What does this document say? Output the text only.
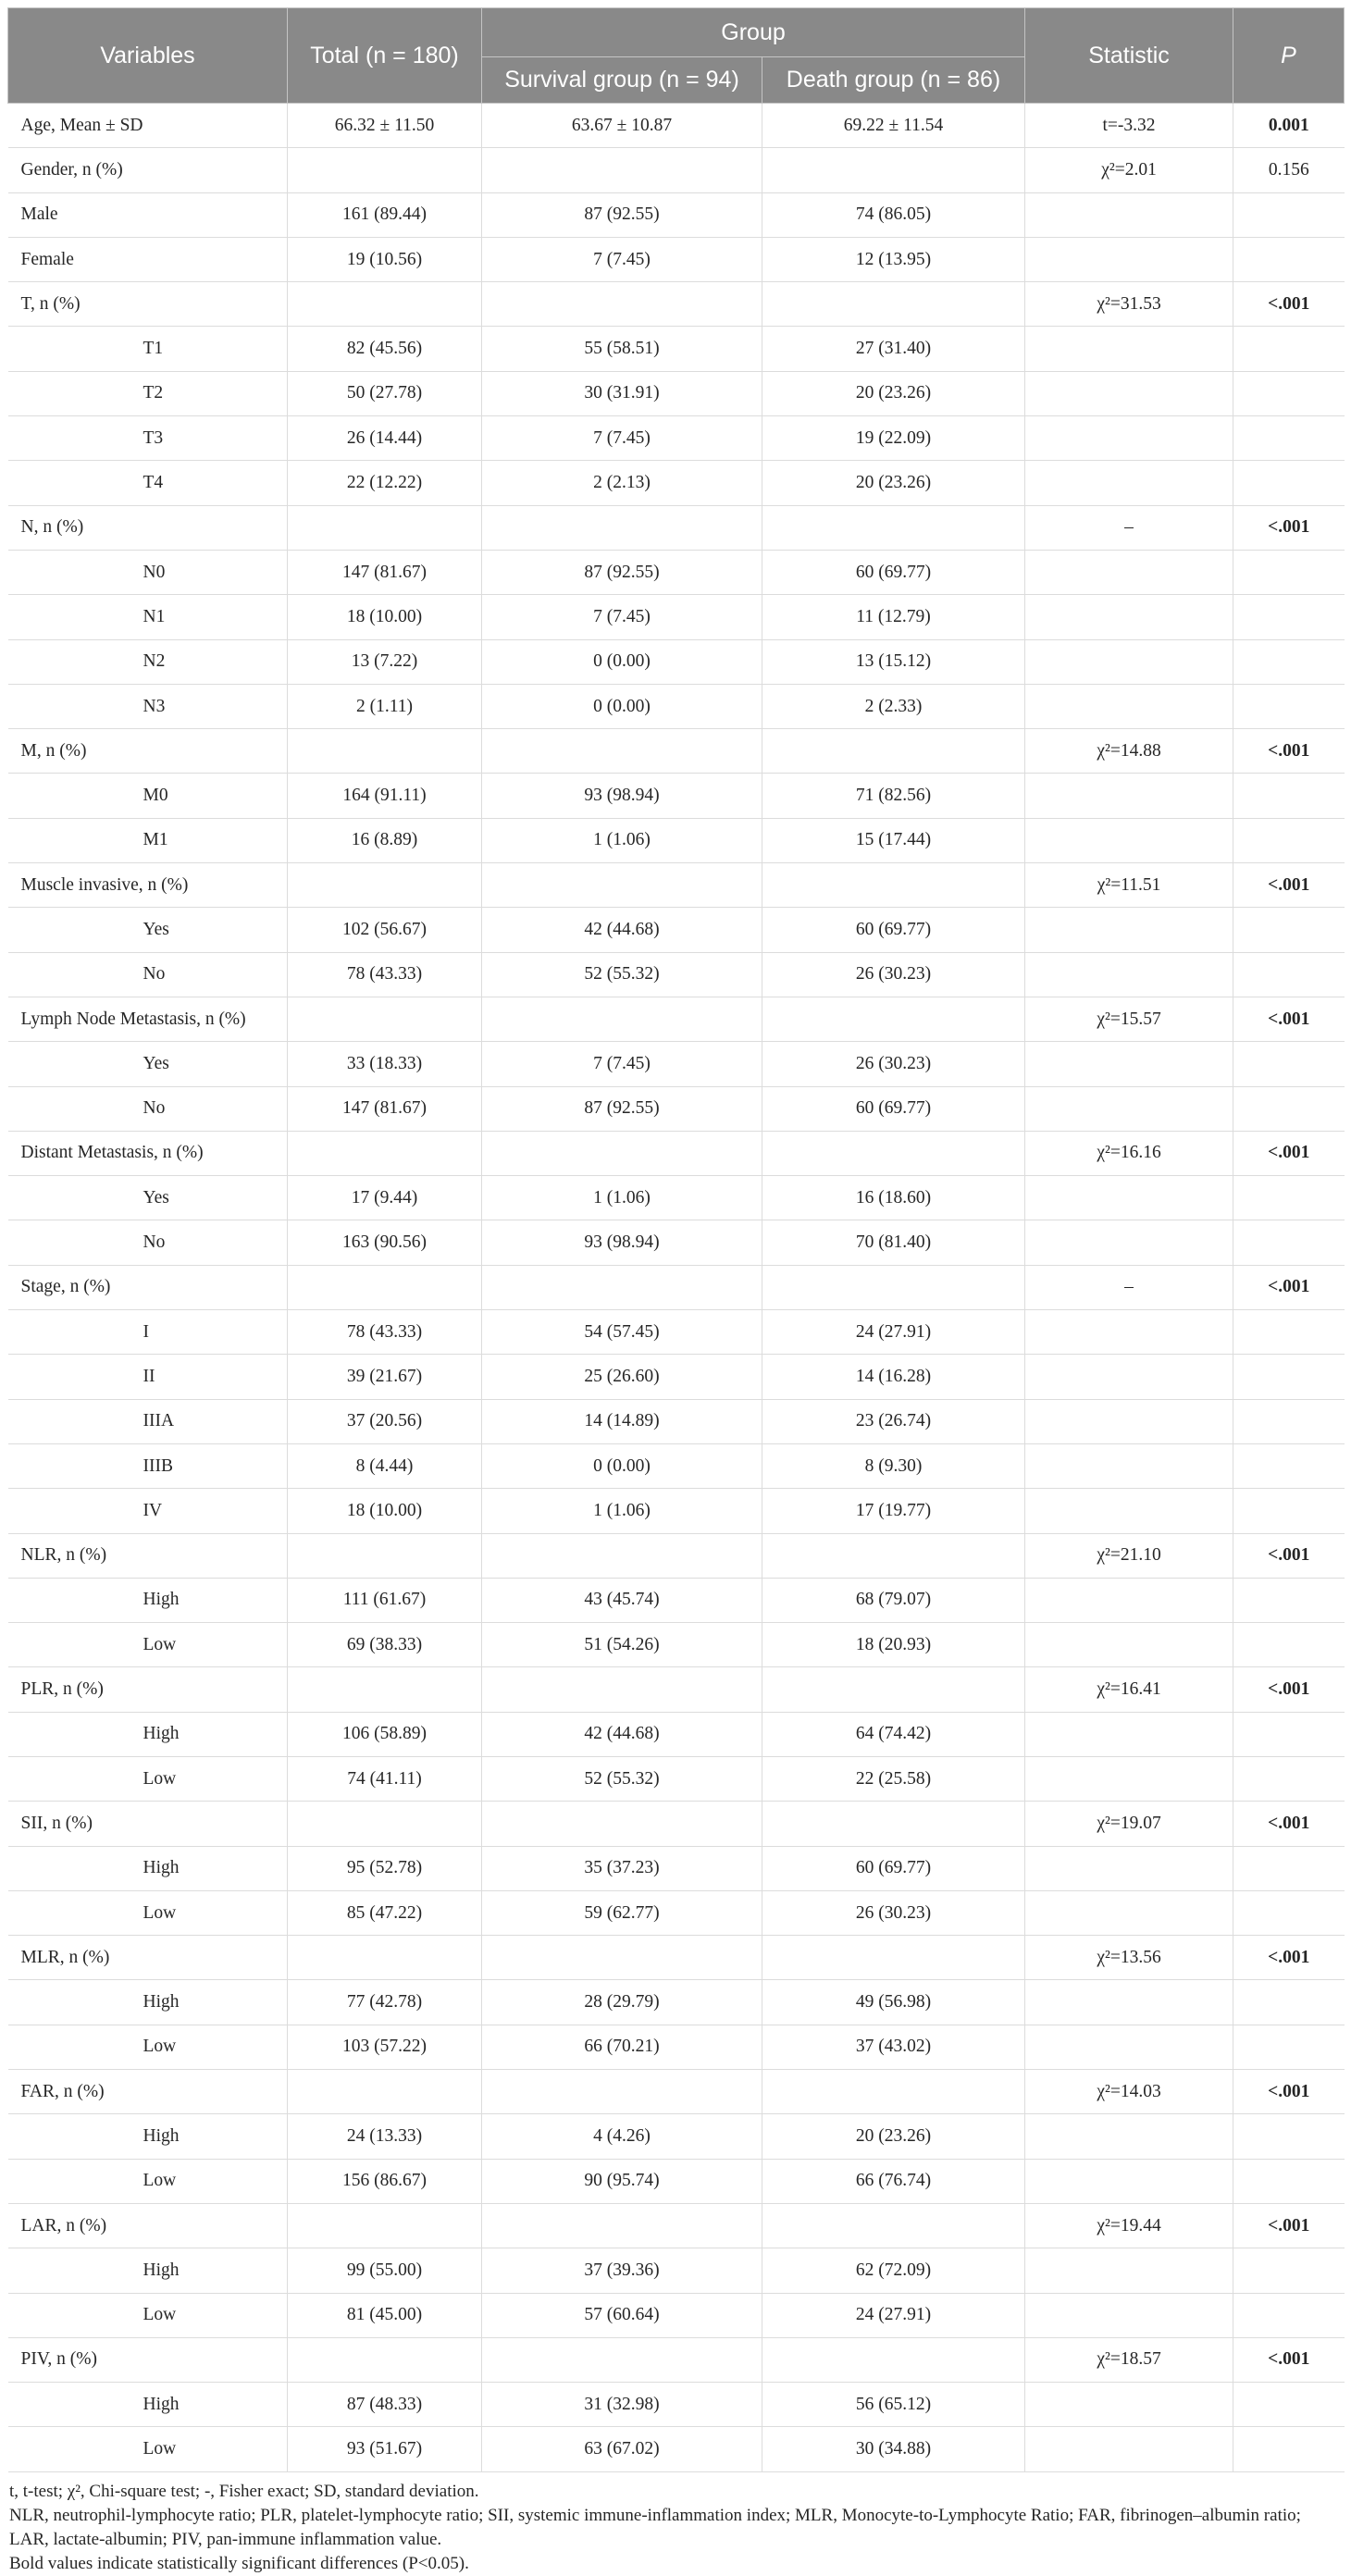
Variables	Total (n = 180)	Group		Statistic	P
		Survival group (n = 94)	Death group (n = 86)		
Age, Mean ± SD	66.32 ± 11.50	63.67 ± 10.87	69.22 ± 11.54	t=-3.32	0.001
Gender, n (%)				χ²=2.01	0.156
Male	161 (89.44)	87 (92.55)	74 (86.05)		
Female	19 (10.56)	7 (7.45)	12 (13.95)		
T, n (%)				χ²=31.53	<.001
T1	82 (45.56)	55 (58.51)	27 (31.40)		
T2	50 (27.78)	30 (31.91)	20 (23.26)		
T3	26 (14.44)	7 (7.45)	19 (22.09)		
T4	22 (12.22)	2 (2.13)	20 (23.26)		
N, n (%)				–	<.001
N0	147 (81.67)	87 (92.55)	60 (69.77)		
N1	18 (10.00)	7 (7.45)	11 (12.79)		
N2	13 (7.22)	0 (0.00)	13 (15.12)		
N3	2 (1.11)	0 (0.00)	2 (2.33)		
M, n (%)				χ²=14.88	<.001
M0	164 (91.11)	93 (98.94)	71 (82.56)		
M1	16 (8.89)	1 (1.06)	15 (17.44)		
Muscle invasive, n (%)				χ²=11.51	<.001
Yes	102 (56.67)	42 (44.68)	60 (69.77)		
No	78 (43.33)	52 (55.32)	26 (30.23)		
Lymph Node Metastasis, n (%)				χ²=15.57	<.001
Yes	33 (18.33)	7 (7.45)	26 (30.23)		
No	147 (81.67)	87 (92.55)	60 (69.77)		
Distant Metastasis, n (%)				χ²=16.16	<.001
Yes	17 (9.44)	1 (1.06)	16 (18.60)		
No	163 (90.56)	93 (98.94)	70 (81.40)		
Stage, n (%)				–	<.001
I	78 (43.33)	54 (57.45)	24 (27.91)		
II	39 (21.67)	25 (26.60)	14 (16.28)		
IIIA	37 (20.56)	14 (14.89)	23 (26.74)		
IIIB	8 (4.44)	0 (0.00)	8 (9.30)		
IV	18 (10.00)	1 (1.06)	17 (19.77)		
NLR, n (%)				χ²=21.10	<.001
High	111 (61.67)	43 (45.74)	68 (79.07)		
Low	69 (38.33)	51 (54.26)	18 (20.93)		
PLR, n (%)				χ²=16.41	<.001
High	106 (58.89)	42 (44.68)	64 (74.42)		
Low	74 (41.11)	52 (55.32)	22 (25.58)		
SII, n (%)				χ²=19.07	<.001
High	95 (52.78)	35 (37.23)	60 (69.77)		
Low	85 (47.22)	59 (62.77)	26 (30.23)		
MLR, n (%)				χ²=13.56	<.001
High	77 (42.78)	28 (29.79)	49 (56.98)		
Low	103 (57.22)	66 (70.21)	37 (43.02)		
FAR, n (%)				χ²=14.03	<.001
High	24 (13.33)	4 (4.26)	20 (23.26)		
Low	156 (86.67)	90 (95.74)	66 (76.74)		
LAR, n (%)				χ²=19.44	<.001
High	99 (55.00)	37 (39.36)	62 (72.09)		
Low	81 (45.00)	57 (60.64)	24 (27.91)		
PIV, n (%)				χ²=18.57	<.001
High	87 (48.33)	31 (32.98)	56 (65.12)		
Low	93 (51.67)	63 (67.02)	30 (34.88)		

t, t-test; χ², Chi-square test; -, Fisher exact; SD, standard deviation.

NLR, neutrophil-lymphocyte ratio; PLR, platelet-lymphocyte ratio; SII, systemic immune-inflammation index; MLR, Monocyte-to-Lymphocyte Ratio; FAR, fibrinogen–albumin ratio; LAR, lactate-albumin; PIV, pan-immune inflammation value.

Bold values indicate statistically significant differences (P<0.05).
